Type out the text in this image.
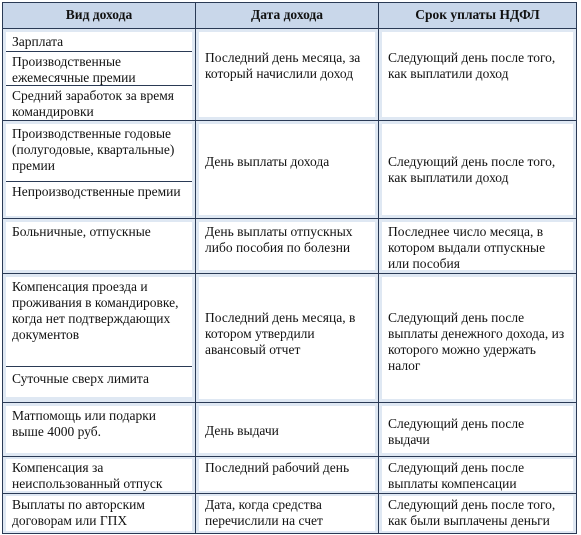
Вид дохода	Дата дохода	Срок уплаты НДФЛ

Зарплата
Производственные ежемесячные премии
Средний заработок за время командировки	Последний день месяца, за который начислили доход	Следующий день после того, как выплатили доход

Производственные годовые (полугодовые, квартальные) премии
Непроизводственные премии	День выплаты дохода	Следующий день после того, как выплатили доход

Больничные, отпускные	День выплаты отпускных либо пособия по болезни	Последнее число месяца, в котором выдали отпускные или пособия

Компенсация проезда и проживания в командировке, когда нет подтверждающих документов
Суточные сверх лимита	Последний день месяца, в котором утвердили авансовый отчет	Следующий день после выплаты денежного дохода, из которого можно удержать налог

Матпомощь или подарки выше 4000 руб.	День выдачи	Следующий день после выдачи

Компенсация за неиспользованный отпуск	Последний рабочий день	Следующий день после выплаты компенсации

Выплаты по авторским договорам или ГПХ	Дата, когда средства перечислили на счет	Следующий день после того, как были выплачены деньги
